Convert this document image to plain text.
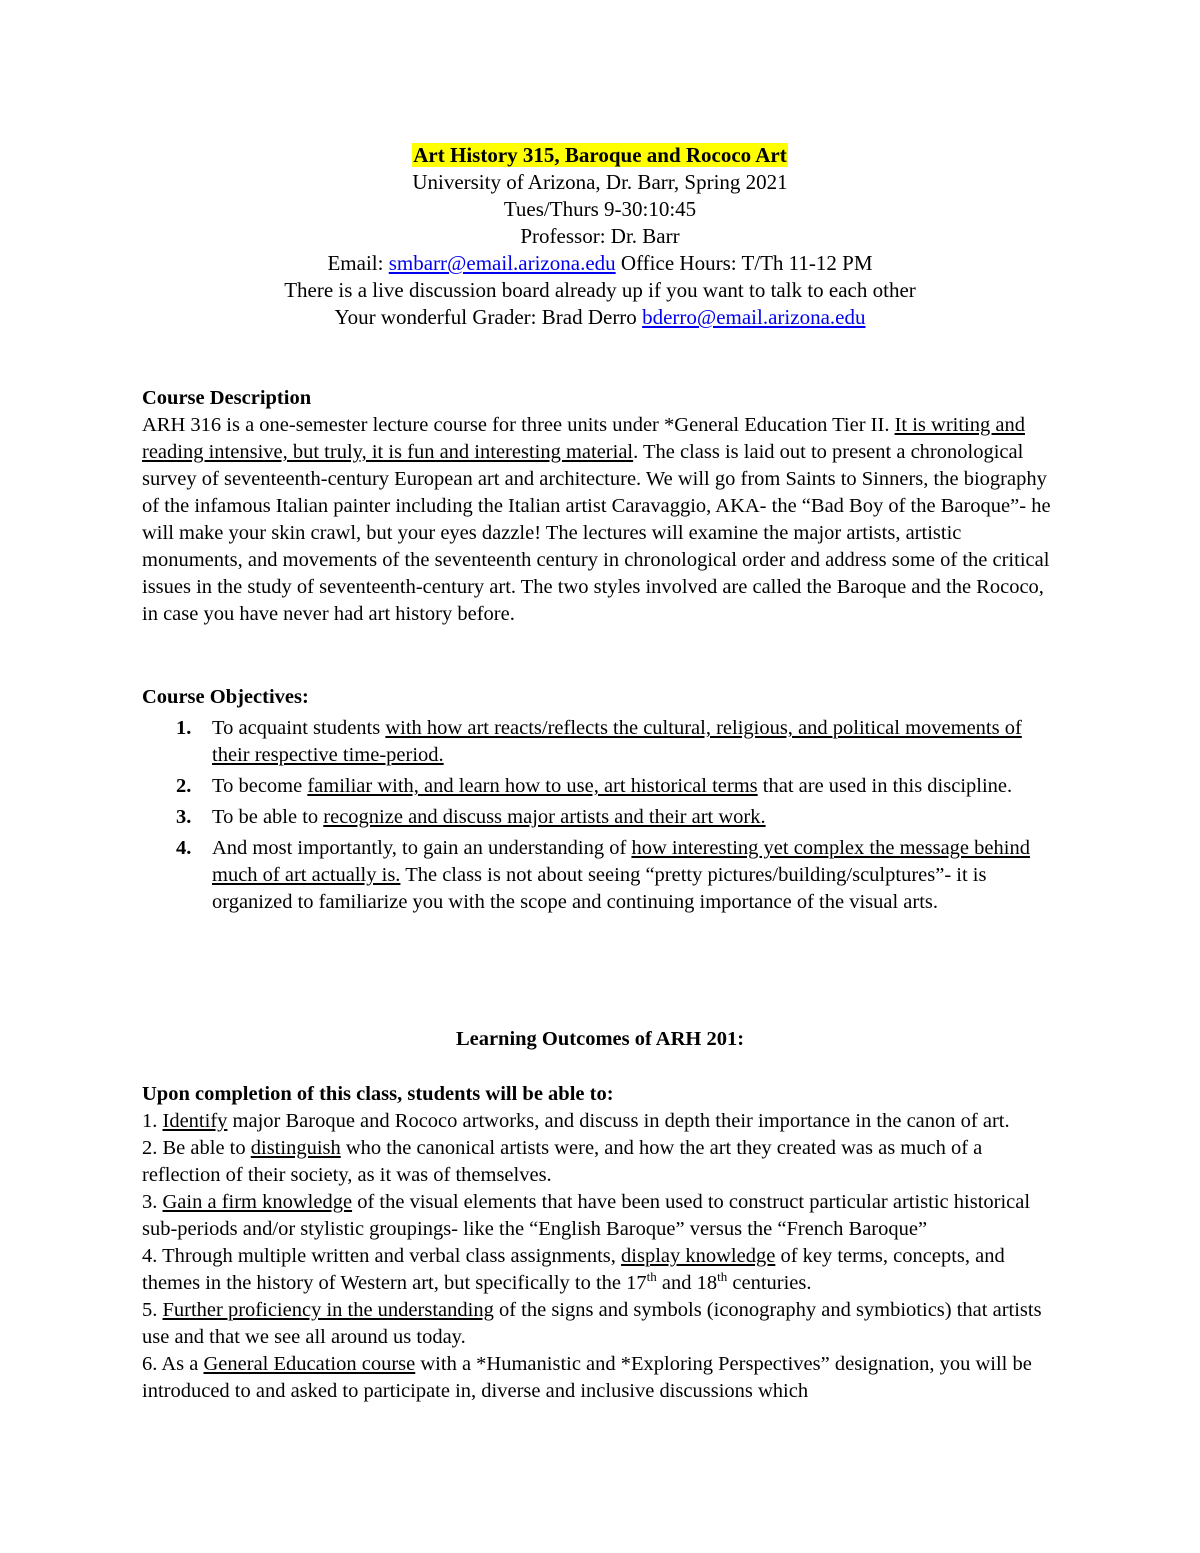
Art History 315, Baroque and Rococo Art
University of Arizona, Dr. Barr, Spring 2021
Tues/Thurs 9-30:10:45
Professor: Dr. Barr
Email: smbarr@email.arizona.edu Office Hours: T/Th 11-12 PM
There is a live discussion board already up if you want to talk to each other
Your wonderful Grader: Brad Derro bderro@email.arizona.edu
Course Description
ARH 316 is a one-semester lecture course for three units under *General Education Tier II. It is writing and reading intensive, but truly, it is fun and interesting material. The class is laid out to present a chronological survey of seventeenth-century European art and architecture. We will go from Saints to Sinners, the biography of the infamous Italian painter including the Italian artist Caravaggio, AKA- the “Bad Boy of the Baroque”- he will make your skin crawl, but your eyes dazzle! The lectures will examine the major artists, artistic monuments, and movements of the seventeenth century in chronological order and address some of the critical issues in the study of seventeenth-century art. The two styles involved are called the Baroque and the Rococo, in case you have never had art history before.
Course Objectives:
1. To acquaint students with how art reacts/reflects the cultural, religious, and political movements of their respective time-period.
2. To become familiar with, and learn how to use, art historical terms that are used in this discipline.
3. To be able to recognize and discuss major artists and their art work.
4. And most importantly, to gain an understanding of how interesting yet complex the message behind much of art actually is. The class is not about seeing “pretty pictures/building/sculptures”- it is organized to familiarize you with the scope and continuing importance of the visual arts.
Learning Outcomes of ARH 201:
Upon completion of this class, students will be able to:

1. Identify major Baroque and Rococo artworks, and discuss in depth their importance in the canon of art.

2. Be able to distinguish who the canonical artists were, and how the art they created was as much of a reflection of their society, as it was of themselves.

3. Gain a firm knowledge of the visual elements that have been used to construct particular artistic historical sub-periods and/or stylistic groupings- like the “English Baroque” versus the “French Baroque”

4. Through multiple written and verbal class assignments, display knowledge of key terms, concepts, and themes in the history of Western art, but specifically to the 17th and 18th centuries.

5. Further proficiency in the understanding of the signs and symbols (iconography and symbiotics) that artists use and that we see all around us today.

6. As a General Education course with a *Humanistic and *Exploring Perspectives” designation, you will be introduced to and asked to participate in, diverse and inclusive discussions which
